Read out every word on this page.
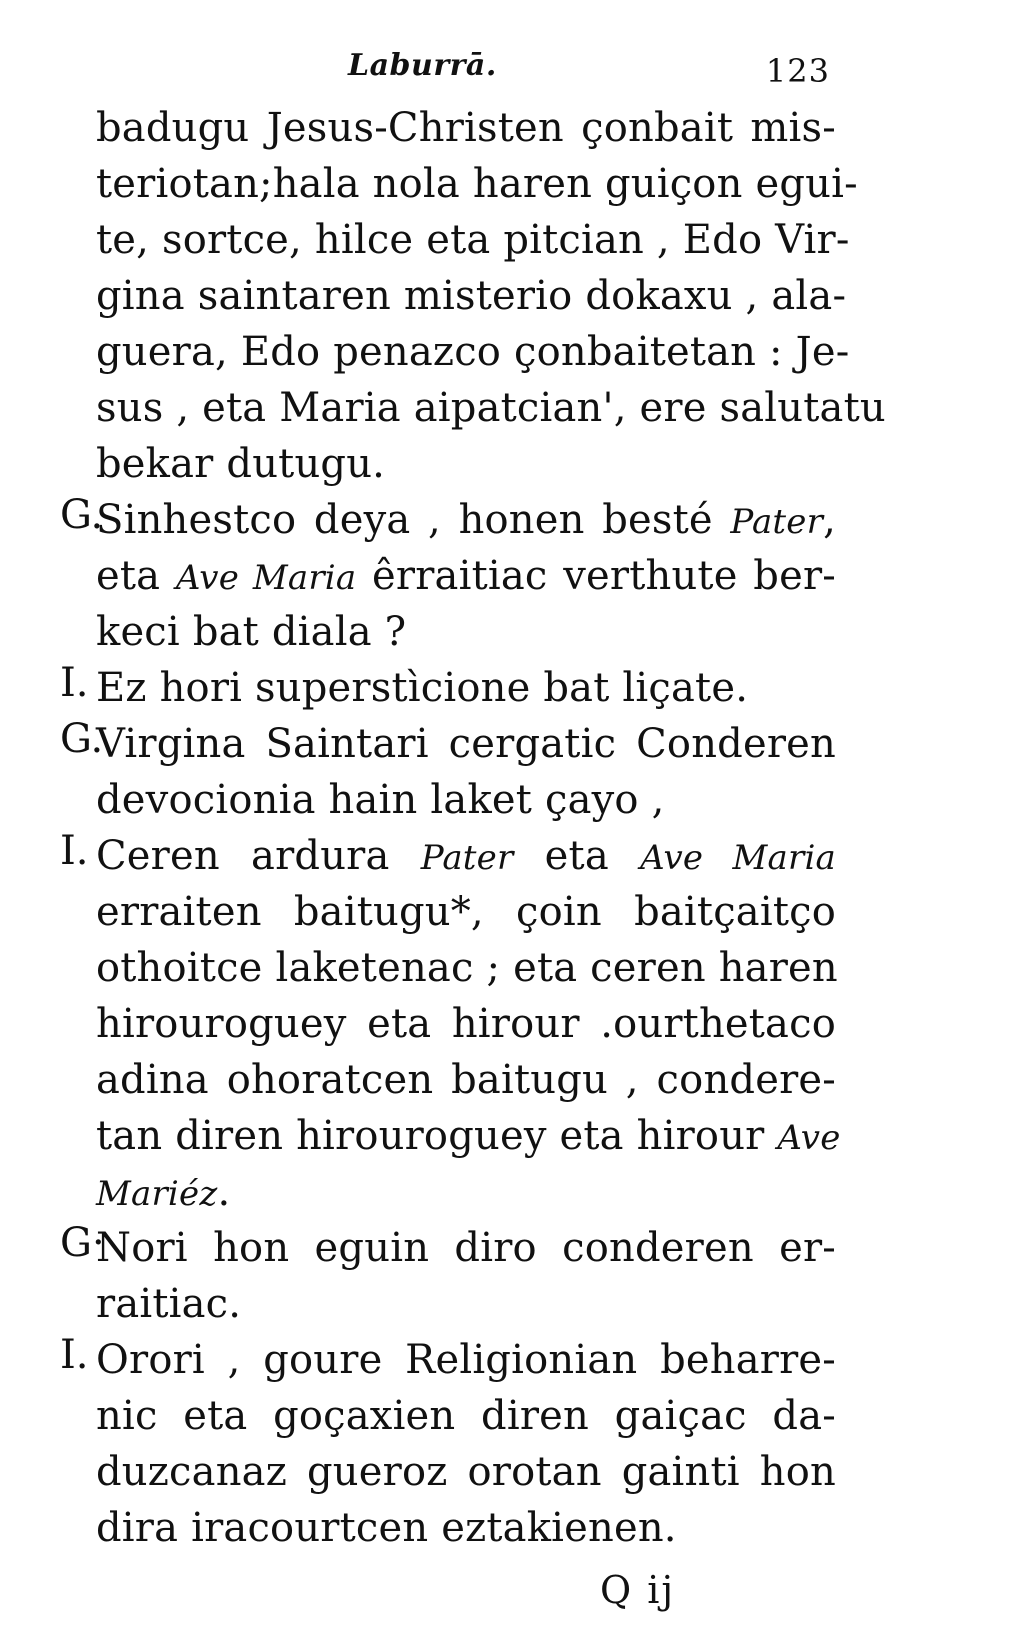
Laburrā.	123
badugu Jesus-Christen çonbait mis-
teriotan;hala nola haren guiçon egui-
te, sortce, hilce eta pitcian , Edo Vir-
gina saintaren misterio dokaxu , ala-
guera, Edo penazco çonbaitetan : Je-
sus , eta Maria aipatcian', ere salutatu
bekar dutugu.
G.
Sinhestco deya , honen besté Pater,
eta Ave Maria êrraitiac verthute ber-
keci bat diala ?
I. Ez hori superstìcione bat liçate.
G.
Virgina Saintari cergatic Conderen
devocionia hain laket çayo ,
I. Ceren ardura Pater eta Ave Maria
erraiten baitugu*, çoin baitçaitço
othoitce laketenac ; eta ceren haren
hirouroguey eta hirour .ourthetaco
adina ohoratcen baitugu , condere-
tan diren hirouroguey eta hirour Ave
Mariéz.
G·
Nori hon eguin diro conderen er-
raitiac.
I. Orori , goure Religionian beharre-
nic eta goçaxien diren gaiçac da-
duzcanaz gueroz orotan gainti hon
dira iracourtcen eztakienen.
Q ij
